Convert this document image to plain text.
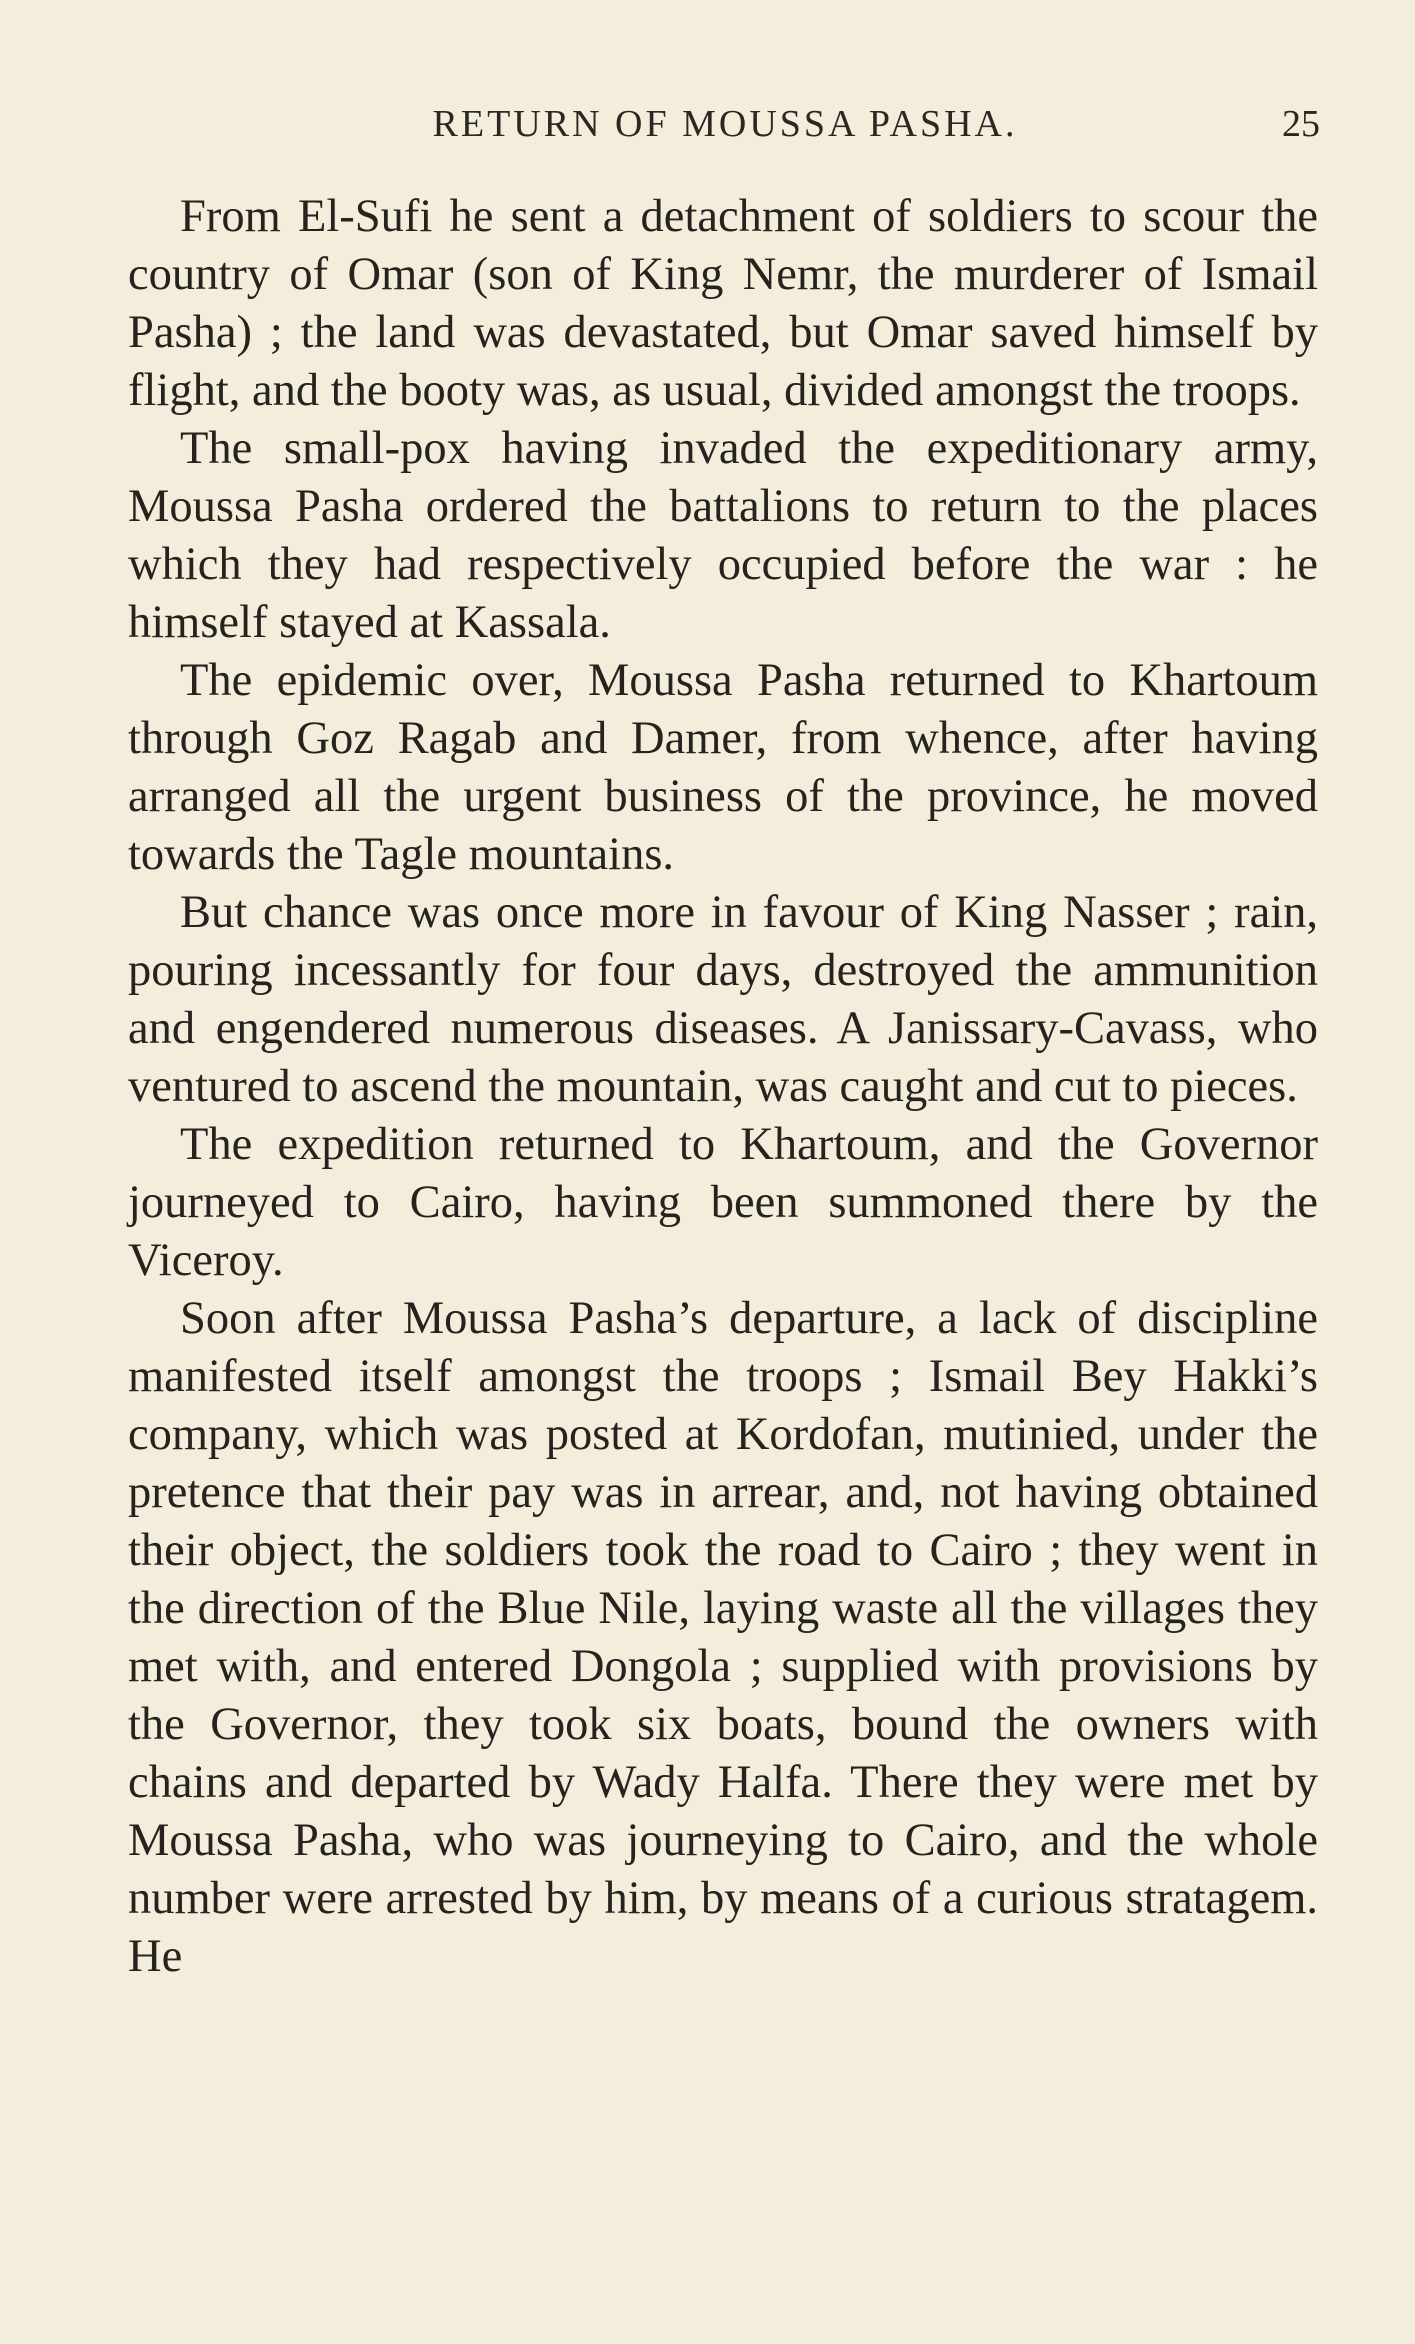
RETURN OF MOUSSA PASHA.	25

From El-Sufi he sent a detachment of soldiers to scour the country of Omar (son of King Nemr, the murderer of Ismail Pasha) ; the land was devastated, but Omar saved himself by flight, and the booty was, as usual, divided amongst the troops.

The small-pox having invaded the expeditionary army, Moussa Pasha ordered the battalions to return to the places which they had respectively occupied before the war : he himself stayed at Kassala.

The epidemic over, Moussa Pasha returned to Khartoum through Goz Ragab and Damer, from whence, after having arranged all the urgent business of the province, he moved towards the Tagle mountains.

But chance was once more in favour of King Nasser ; rain, pouring incessantly for four days, destroyed the ammunition and engendered numerous diseases. A Janissary-Cavass, who ventured to ascend the mountain, was caught and cut to pieces.

The expedition returned to Khartoum, and the Governor journeyed to Cairo, having been summoned there by the Viceroy.

Soon after Moussa Pasha’s departure, a lack of discipline manifested itself amongst the troops ; Ismail Bey Hakki’s company, which was posted at Kordofan, mutinied, under the pretence that their pay was in arrear, and, not having obtained their object, the soldiers took the road to Cairo ; they went in the direction of the Blue Nile, laying waste all the villages they met with, and entered Dongola ; supplied with provisions by the Governor, they took six boats, bound the owners with chains and departed by Wady Halfa. There they were met by Moussa Pasha, who was journeying to Cairo, and the whole number were arrested by him, by means of a curious stratagem. He
